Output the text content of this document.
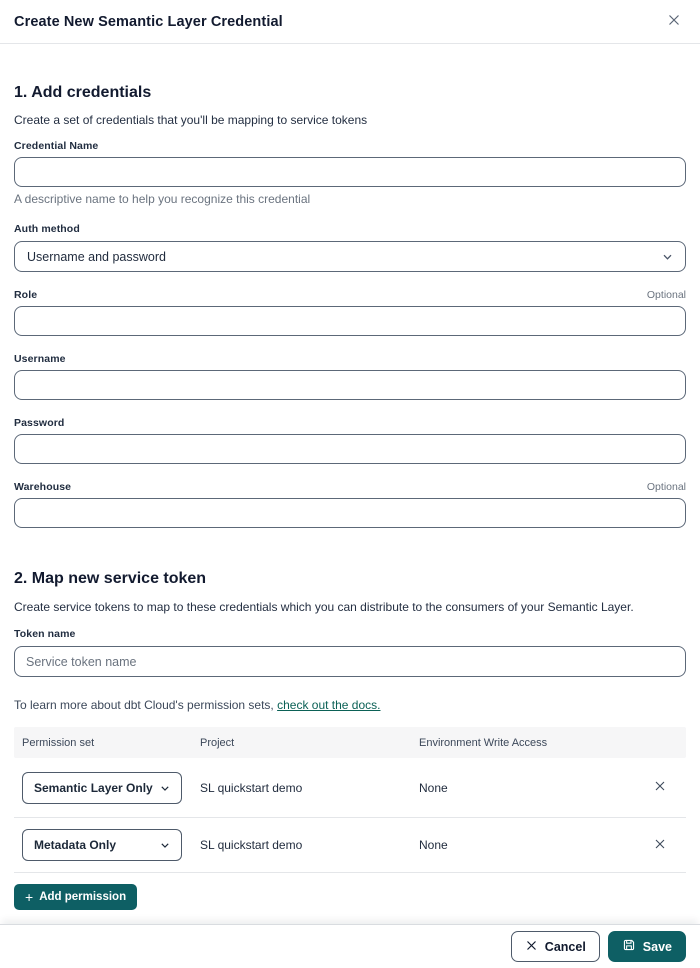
Create New Semantic Layer Credential
1. Add credentials

Create a set of credentials that you'll be mapping to service tokens

Credential Name

A descriptive name to help you recognize this credential

Auth method
Username and password
Role	Optional
Username
Password
Warehouse	Optional
2. Map new service token

Create service tokens to map to these credentials which you can distribute to the consumers of your Semantic Layer.

Token name
Service token name

To learn more about dbt Cloud's permission sets, check out the docs.

Permission set	Project	Environment Write Access
Semantic Layer Only	SL quickstart demo	None
Metadata Only	SL quickstart demo	None
+ Add permission
Cancel	Save
